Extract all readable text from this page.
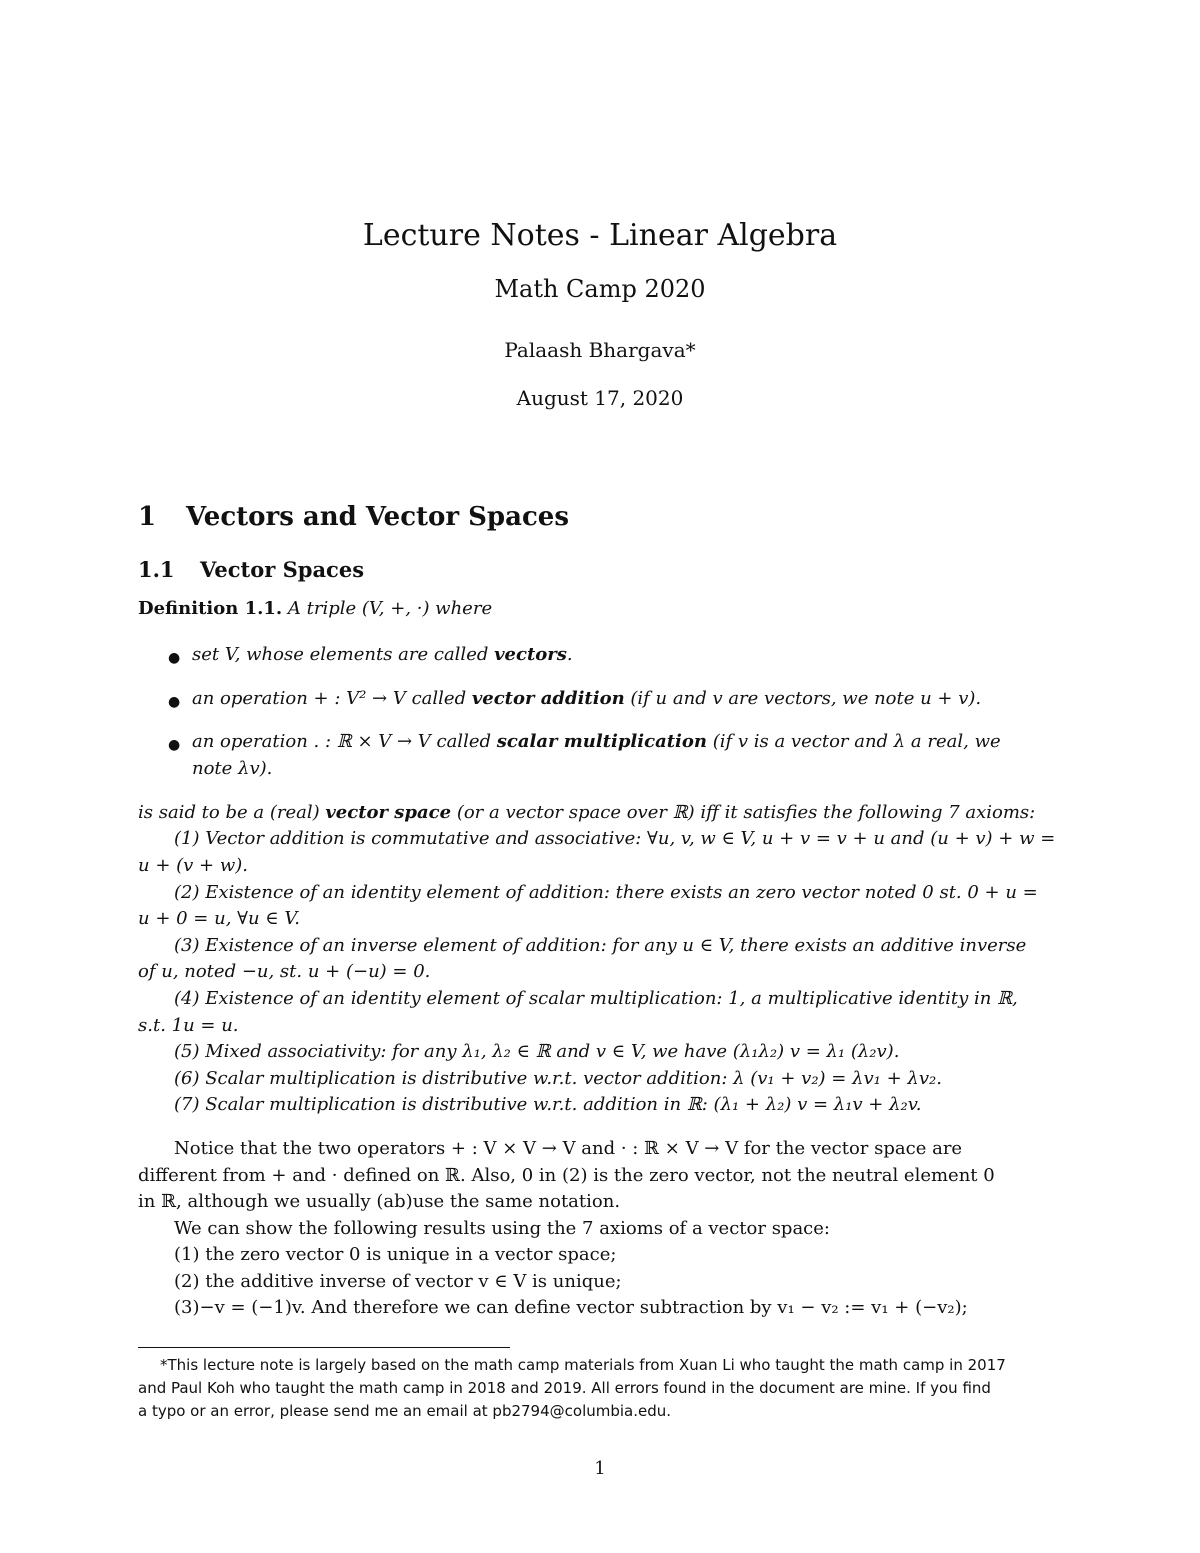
Lecture Notes - Linear Algebra
Math Camp 2020
Palaash Bhargava*
August 17, 2020
1 Vectors and Vector Spaces
1.1 Vector Spaces
Definition 1.1. A triple (V, +, ·) where
set V, whose elements are called vectors.
●
an operation + : V² → V called vector addition (if u and v are vectors, we note u + v).
●
an operation . : ℝ × V → V called scalar multiplication (if v is a vector and λ a real, we
●
note λv).
is said to be a (real) vector space (or a vector space over ℝ) iff it satisfies the following 7 axioms:
(1) Vector addition is commutative and associative: ∀u, v, w ∈ V, u + v = v + u and (u + v) + w =
u + (v + w).
(2) Existence of an identity element of addition: there exists an zero vector noted 0 st. 0 + u =
u + 0 = u, ∀u ∈ V.
(3) Existence of an inverse element of addition: for any u ∈ V, there exists an additive inverse
of u, noted −u, st. u + (−u) = 0.
(4) Existence of an identity element of scalar multiplication: 1, a multiplicative identity in ℝ,
s.t. 1u = u.
(5) Mixed associativity: for any λ₁, λ₂ ∈ ℝ and v ∈ V, we have (λ₁λ₂) v = λ₁ (λ₂v).
(6) Scalar multiplication is distributive w.r.t. vector addition: λ (v₁ + v₂) = λv₁ + λv₂.
(7) Scalar multiplication is distributive w.r.t. addition in ℝ: (λ₁ + λ₂) v = λ₁v + λ₂v.
Notice that the two operators + : V × V → V and · : ℝ × V → V for the vector space are
different from + and · defined on ℝ. Also, 0 in (2) is the zero vector, not the neutral element 0
in ℝ, although we usually (ab)use the same notation.
We can show the following results using the 7 axioms of a vector space:
(1) the zero vector 0 is unique in a vector space;
(2) the additive inverse of vector v ∈ V is unique;
(3)−v = (−1)v. And therefore we can define vector subtraction by v₁ − v₂ := v₁ + (−v₂);
*This lecture note is largely based on the math camp materials from Xuan Li who taught the math camp in 2017
and Paul Koh who taught the math camp in 2018 and 2019. All errors found in the document are mine. If you find
a typo or an error, please send me an email at pb2794@columbia.edu.
1
